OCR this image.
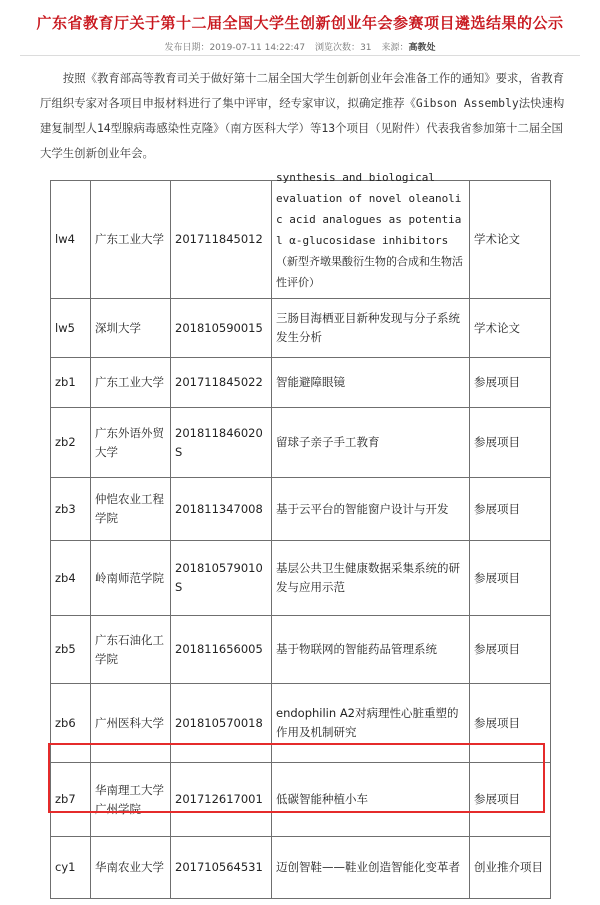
广东省教育厅关于第十二届全国大学生创新创业年会参赛项目遴选结果的公示
发布日期：2019-07-11 14:22:47 浏览次数：31 来源：高教处
按照《教育部高等教育司关于做好第十二届全国大学生创新创业年会准备工作的通知》要求，省教育厅组织专家对各项目申报材料进行了集中评审，经专家审议，拟确定推荐《Gibson Assembly法快速构建复制型人14型腺病毒感染性克隆》（南方医科大学）等13个项目（见附件）代表我省参加第十二届全国大学生创新创业年会。
lw4	广东工业大学	201711845012	synthesis and biological
evaluation of novel oleanolic acid analogues as potential α-glucosidase inhibitors（新型齐墩果酸衍生物的合成和生物活性评价）	学术论文
lw5	深圳大学	201810590015	三肠目海栖亚目新种发现与分子系统发生分析	学术论文
zb1	广东工业大学	201711845022	智能避障眼镜	参展项目
zb2	广东外语外贸大学	201811846020S	留球子亲子手工教育	参展项目
zb3	仲恺农业工程学院	201811347008	基于云平台的智能窗户设计与开发	参展项目
zb4	岭南师范学院	201810579010S	基层公共卫生健康数据采集系统的研发与应用示范	参展项目
zb5	广东石油化工学院	201811656005	基于物联网的智能药品管理系统	参展项目
zb6	广州医科大学	201810570018	endophilin A2对病理性心脏重塑的作用及机制研究	参展项目
zb7	华南理工大学广州学院	201712617001	低碳智能种植小车	参展项目
cy1	华南农业大学	201710564531	迈创智鞋——鞋业创造智能化变革者	创业推介项目
